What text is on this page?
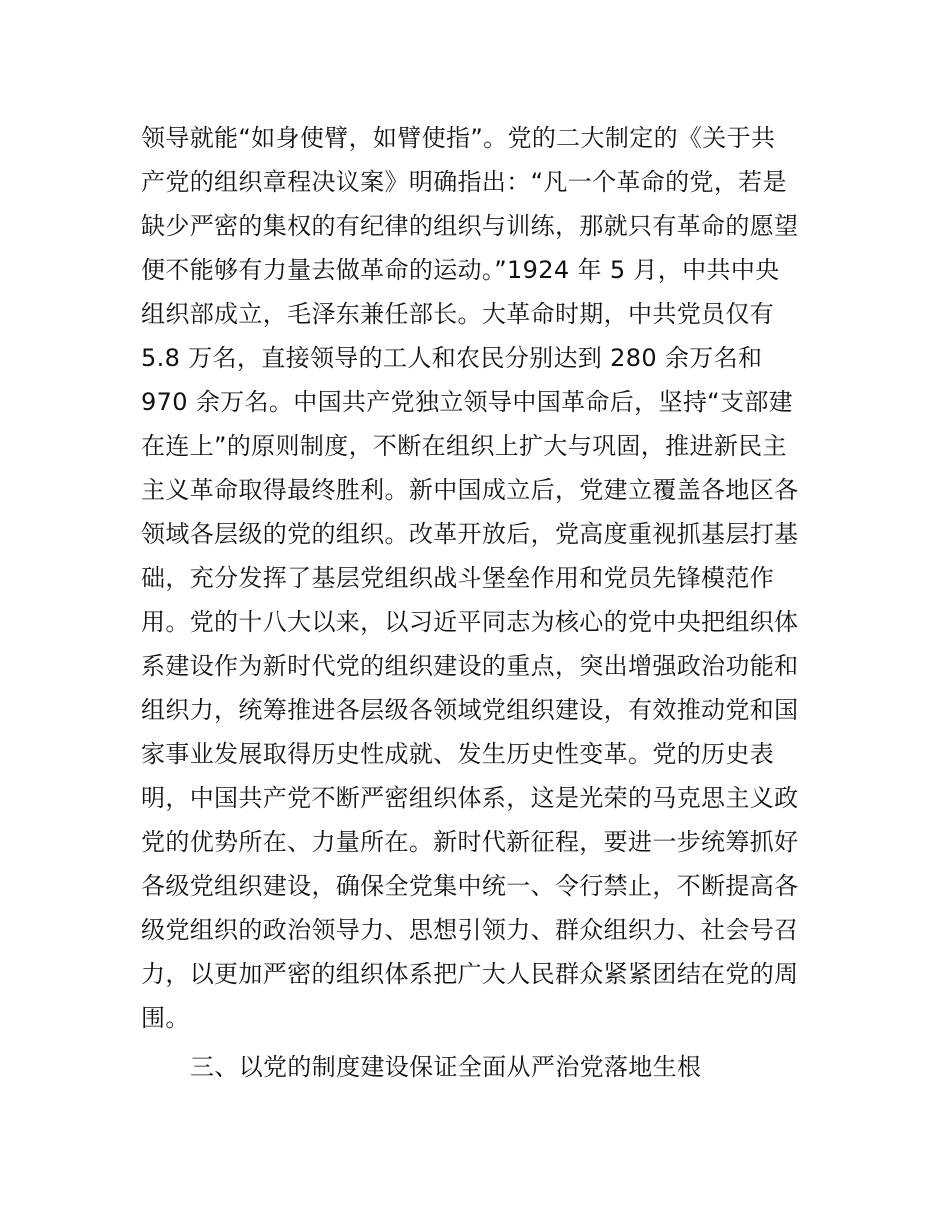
领导就能“如身使臂，如臂使指”。党的二大制定的《关于共
产党的组织章程决议案》明确指出：“凡一个革命的党，若是
缺少严密的集权的有纪律的组织与训练，那就只有革命的愿望
便不能够有力量去做革命的运动。”1924 年 5 月，中共中央
组织部成立，毛泽东兼任部长。大革命时期，中共党员仅有
5.8 万名，直接领导的工人和农民分别达到 280 余万名和
970 余万名。中国共产党独立领导中国革命后，坚持“支部建
在连上”的原则制度，不断在组织上扩大与巩固，推进新民主
主义革命取得最终胜利。新中国成立后，党建立覆盖各地区各
领域各层级的党的组织。改革开放后，党高度重视抓基层打基
础，充分发挥了基层党组织战斗堡垒作用和党员先锋模范作
用。党的十八大以来，以习近平同志为核心的党中央把组织体
系建设作为新时代党的组织建设的重点，突出增强政治功能和
组织力，统筹推进各层级各领域党组织建设，有效推动党和国
家事业发展取得历史性成就、发生历史性变革。党的历史表
明，中国共产党不断严密组织体系，这是光荣的马克思主义政
党的优势所在、力量所在。新时代新征程，要进一步统筹抓好
各级党组织建设，确保全党集中统一、令行禁止，不断提高各
级党组织的政治领导力、思想引领力、群众组织力、社会号召
力，以更加严密的组织体系把广大人民群众紧紧团结在党的周
围。
三、以党的制度建设保证全面从严治党落地生根
